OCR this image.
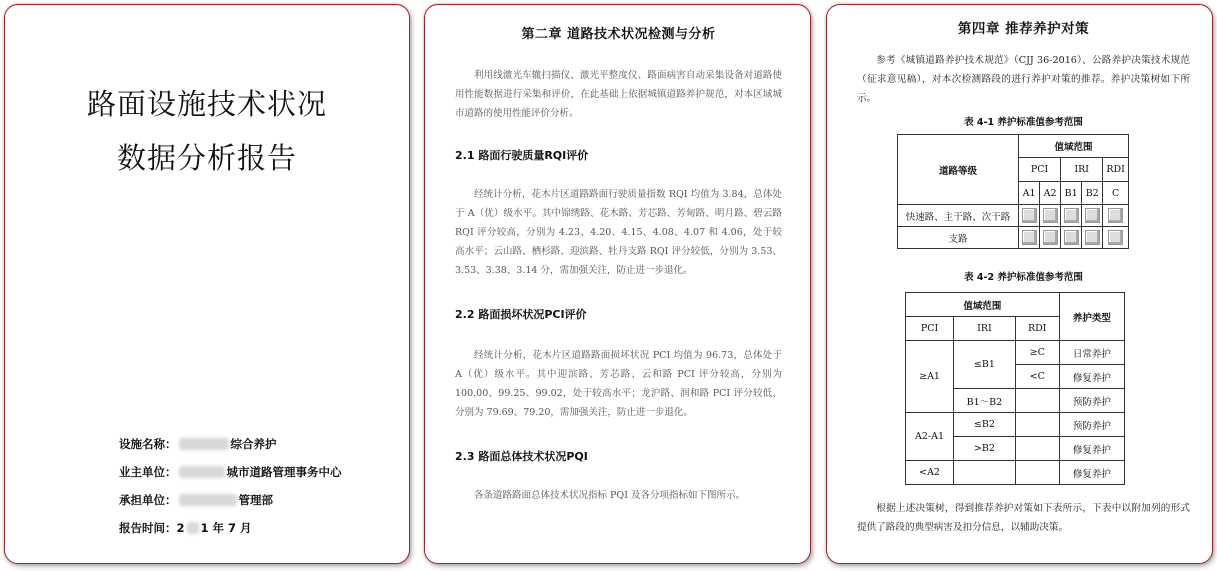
路面设施技术状况
数据分析报告
设施名称：	综合养护
业主单位：	城市道路管理事务中心
承担单位：	管理部
报告时间： 2 1 年 7 月
第二章 道路技术状况检测与分析

利用线激光车辙扫描仪、激光平整度仪、路面病害自动采集设备对道路使用性能数据进行采集和评价，在此基础上依据城镇道路养护规范，对本区域城市道路的使用性能评价分析。

2.1 路面行驶质量RQI评价

经统计分析，花木片区道路路面行驶质量指数 RQI 均值为 3.84，总体处于 A（优）级水平。其中锦绣路、花木路、芳芯路、芳甸路、明月路、碧云路 RQI 评分较高，分别为 4.23、4.20、4.15、4.08、4.07 和 4.06，处于较高水平；云山路、栖杉路、迎滨路、牡丹支路 RQI 评分较低，分别为 3.53、3.53、3.38、3.14 分，需加强关注，防止进一步退化。

2.2 路面损坏状况PCI评价

经统计分析，花木片区道路路面损坏状况 PCI 均值为 96.73，总体处于 A（优）级水平。其中迎滨路、芳芯路、云和路 PCI 评分较高，分别为 100.00、99.25、99.02，处于较高水平；龙沪路、润和路 PCI 评分较低，分别为 79.69、79.20，需加强关注，防止进一步退化。

2.3 路面总体技术状况PQI

各条道路路面总体技术状况指标 PQI 及各分项指标如下图所示。

第四章 推荐养护对策

参考《城镇道路养护技术规范》（CJJ 36-2016）、公路养护决策技术规范（征求意见稿），对本次检测路段的进行养护对策的推荐。养护决策树如下所示。

表 4-1 养护标准值参考范围
道路等级	值域范围				
	PCI		IRI		RDI
	A1	A2	B1	B2	C
快速路、主干路、次干路					
支路					
表 4-2 养护标准值参考范围
值域范围			养护类型
PCI	IRI	RDI	
≥A1	≤B1	≥C	日常养护
		<C	修复养护
	B1～B2		预防养护
A2-A1	≤B2		预防养护
	>B2		修复养护
<A2			修复养护

根据上述决策树，得到推荐养护对策如下表所示，下表中以附加列的形式提供了路段的典型病害及扣分信息，以辅助决策。
